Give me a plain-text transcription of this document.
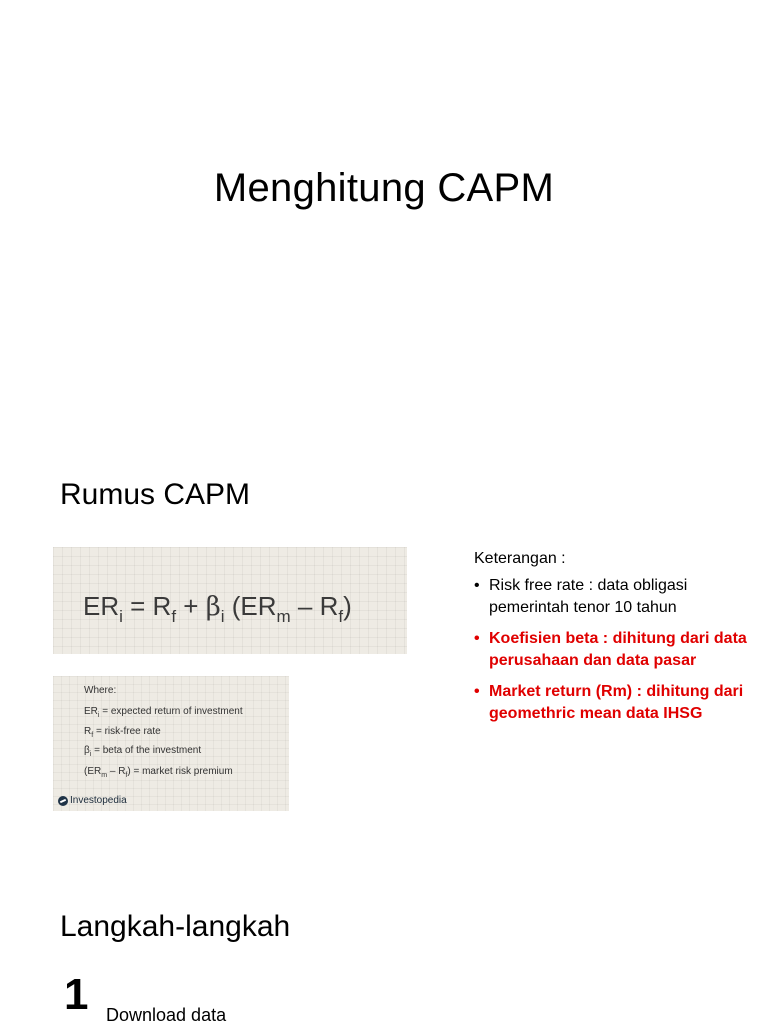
Menghitung CAPM
Rumus CAPM
$ER_i = R_f + \beta_i$ $(ER_m - R_f)$
Where:
$ER_i$ = expected return of investment
$R_f$ = risk-free rate
$\beta_i$ = beta of the investment
$(ER_m - R_f)$ = market risk premium
Investopedia
Keterangan :
• Risk free rate : data obligasi pemerintah tenor 10 tahun
• Koefisien beta : dihitung dari data perusahaan dan data pasar
• Market return (Rm) : dihitung dari geomethric mean data IHSG
Langkah-langkah
1 Download data
